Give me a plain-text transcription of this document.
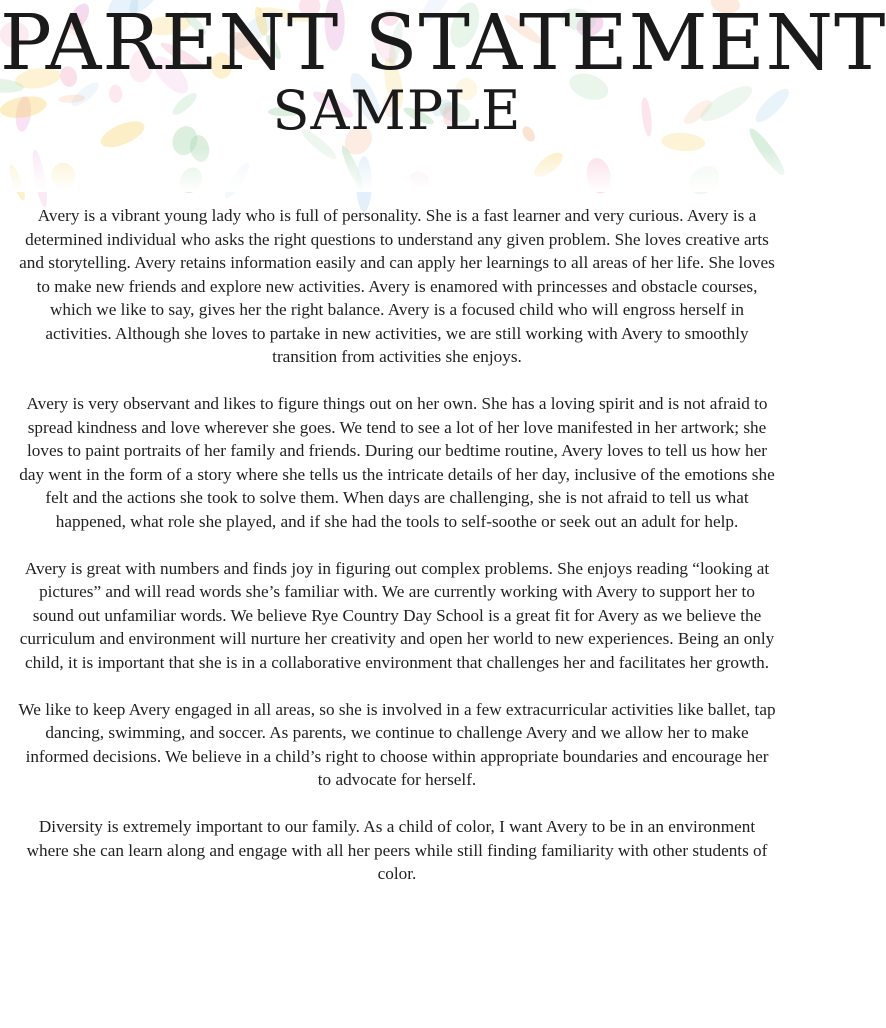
PARENT STATEMENT
SAMPLE

Avery is a vibrant young lady who is full of personality. She is a fast learner and very curious. Avery is a determined individual who asks the right questions to understand any given problem. She loves creative arts and storytelling. Avery retains information easily and can apply her learnings to all areas of her life. She loves to make new friends and explore new activities. Avery is enamored with princesses and obstacle courses, which we like to say, gives her the right balance. Avery is a focused child who will engross herself in activities. Although she loves to partake in new activities, we are still working with Avery to smoothly transition from activities she enjoys.

Avery is very observant and likes to figure things out on her own. She has a loving spirit and is not afraid to spread kindness and love wherever she goes. We tend to see a lot of her love manifested in her artwork; she loves to paint portraits of her family and friends. During our bedtime routine, Avery loves to tell us how her day went in the form of a story where she tells us the intricate details of her day, inclusive of the emotions she felt and the actions she took to solve them. When days are challenging, she is not afraid to tell us what happened, what role she played, and if she had the tools to self-soothe or seek out an adult for help.

Avery is great with numbers and finds joy in figuring out complex problems. She enjoys reading “looking at pictures” and will read words she’s familiar with. We are currently working with Avery to support her to sound out unfamiliar words. We believe Rye Country Day School is a great fit for Avery as we believe the curriculum and environment will nurture her creativity and open her world to new experiences. Being an only child, it is important that she is in a collaborative environment that challenges her and facilitates her growth.

We like to keep Avery engaged in all areas, so she is involved in a few extracurricular activities like ballet, tap dancing, swimming, and soccer. As parents, we continue to challenge Avery and we allow her to make informed decisions. We believe in a child’s right to choose within appropriate boundaries and encourage her to advocate for herself.

Diversity is extremely important to our family. As a child of color, I want Avery to be in an environment where she can learn along and engage with all her peers while still finding familiarity with other students of color.
